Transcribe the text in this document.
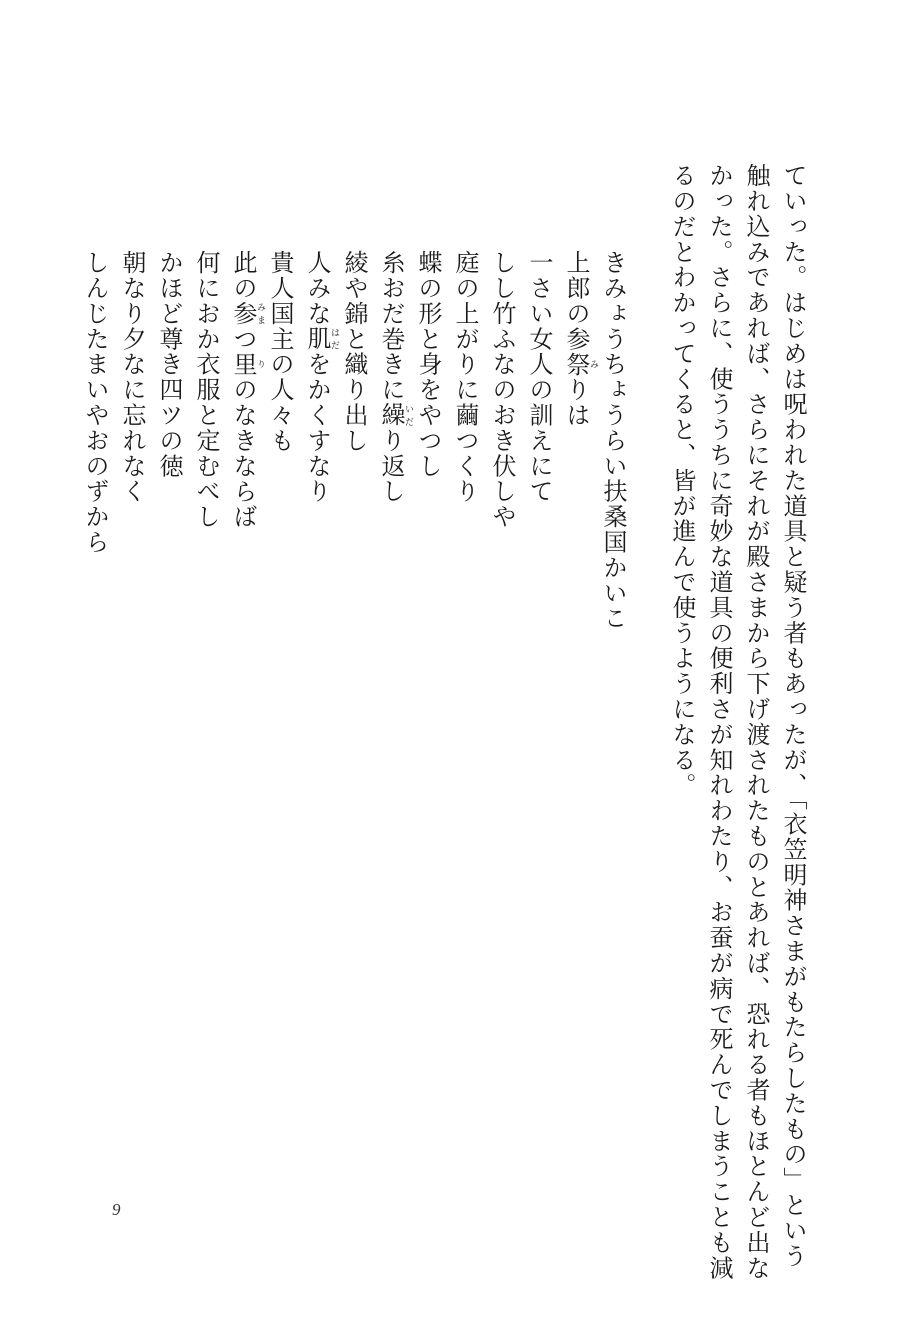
ていった。はじめは呪われた道具と疑う者もあったが、「衣笠明神さまがもたらしたもの」という

触れ込みであれば、さらにそれが殿さまから下げ渡されたものとあれば、恐れる者もほとんど出な

かった。さらに、使ううちに奇妙な道具の便利さが知れわたり、お蚕が病で死んでしまうことも減

るのだとわかってくると、皆が進んで使うようになる。

きみょうちょうらい扶桑国かいこ

上郎の参祭みりは

一さい女人の訓えにて

しし竹ふなのおき伏しや

庭の上がりに繭つくり

蝶の形と身をやつし

糸おだ巻きに繰いだり返し

綾や錦と織り出し

人みな肌はだをかくすなり

貴人国主の人々も

此の参みまつ里りのなきならば

何におか衣服と定むべし

かほど尊き四ツの徳

朝なり夕なに忘れなく

しんじたまいやおのずから

9
